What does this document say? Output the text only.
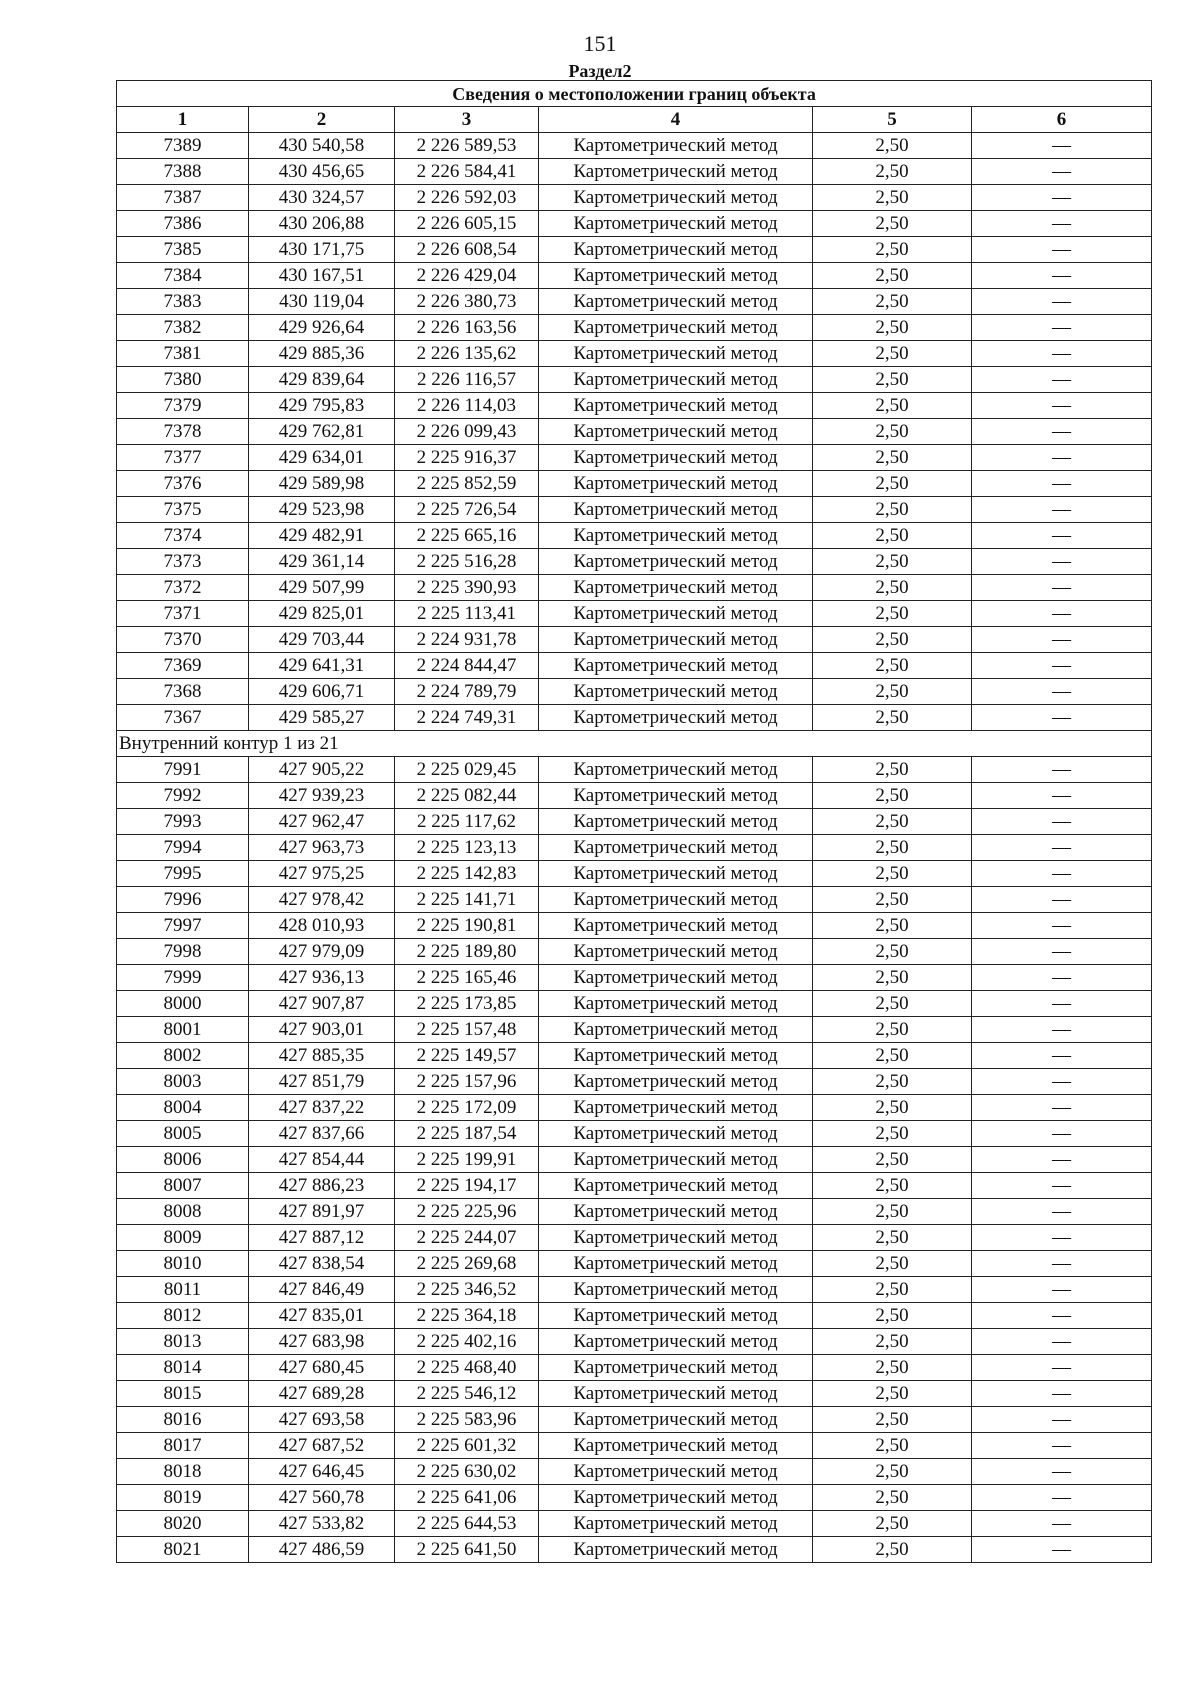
151
Раздел2
Сведения о местоположении границ объекта					
1	2	3	4	5	6
7389	430 540,58	2 226 589,53	Картометрический метод	2,50	—
7388	430 456,65	2 226 584,41	Картометрический метод	2,50	—
7387	430 324,57	2 226 592,03	Картометрический метод	2,50	—
7386	430 206,88	2 226 605,15	Картометрический метод	2,50	—
7385	430 171,75	2 226 608,54	Картометрический метод	2,50	—
7384	430 167,51	2 226 429,04	Картометрический метод	2,50	—
7383	430 119,04	2 226 380,73	Картометрический метод	2,50	—
7382	429 926,64	2 226 163,56	Картометрический метод	2,50	—
7381	429 885,36	2 226 135,62	Картометрический метод	2,50	—
7380	429 839,64	2 226 116,57	Картометрический метод	2,50	—
7379	429 795,83	2 226 114,03	Картометрический метод	2,50	—
7378	429 762,81	2 226 099,43	Картометрический метод	2,50	—
7377	429 634,01	2 225 916,37	Картометрический метод	2,50	—
7376	429 589,98	2 225 852,59	Картометрический метод	2,50	—
7375	429 523,98	2 225 726,54	Картометрический метод	2,50	—
7374	429 482,91	2 225 665,16	Картометрический метод	2,50	—
7373	429 361,14	2 225 516,28	Картометрический метод	2,50	—
7372	429 507,99	2 225 390,93	Картометрический метод	2,50	—
7371	429 825,01	2 225 113,41	Картометрический метод	2,50	—
7370	429 703,44	2 224 931,78	Картометрический метод	2,50	—
7369	429 641,31	2 224 844,47	Картометрический метод	2,50	—
7368	429 606,71	2 224 789,79	Картометрический метод	2,50	—
7367	429 585,27	2 224 749,31	Картометрический метод	2,50	—
Внутренний контур 1 из 21					
7991	427 905,22	2 225 029,45	Картометрический метод	2,50	—
7992	427 939,23	2 225 082,44	Картометрический метод	2,50	—
7993	427 962,47	2 225 117,62	Картометрический метод	2,50	—
7994	427 963,73	2 225 123,13	Картометрический метод	2,50	—
7995	427 975,25	2 225 142,83	Картометрический метод	2,50	—
7996	427 978,42	2 225 141,71	Картометрический метод	2,50	—
7997	428 010,93	2 225 190,81	Картометрический метод	2,50	—
7998	427 979,09	2 225 189,80	Картометрический метод	2,50	—
7999	427 936,13	2 225 165,46	Картометрический метод	2,50	—
8000	427 907,87	2 225 173,85	Картометрический метод	2,50	—
8001	427 903,01	2 225 157,48	Картометрический метод	2,50	—
8002	427 885,35	2 225 149,57	Картометрический метод	2,50	—
8003	427 851,79	2 225 157,96	Картометрический метод	2,50	—
8004	427 837,22	2 225 172,09	Картометрический метод	2,50	—
8005	427 837,66	2 225 187,54	Картометрический метод	2,50	—
8006	427 854,44	2 225 199,91	Картометрический метод	2,50	—
8007	427 886,23	2 225 194,17	Картометрический метод	2,50	—
8008	427 891,97	2 225 225,96	Картометрический метод	2,50	—
8009	427 887,12	2 225 244,07	Картометрический метод	2,50	—
8010	427 838,54	2 225 269,68	Картометрический метод	2,50	—
8011	427 846,49	2 225 346,52	Картометрический метод	2,50	—
8012	427 835,01	2 225 364,18	Картометрический метод	2,50	—
8013	427 683,98	2 225 402,16	Картометрический метод	2,50	—
8014	427 680,45	2 225 468,40	Картометрический метод	2,50	—
8015	427 689,28	2 225 546,12	Картометрический метод	2,50	—
8016	427 693,58	2 225 583,96	Картометрический метод	2,50	—
8017	427 687,52	2 225 601,32	Картометрический метод	2,50	—
8018	427 646,45	2 225 630,02	Картометрический метод	2,50	—
8019	427 560,78	2 225 641,06	Картометрический метод	2,50	—
8020	427 533,82	2 225 644,53	Картометрический метод	2,50	—
8021	427 486,59	2 225 641,50	Картометрический метод	2,50	—
